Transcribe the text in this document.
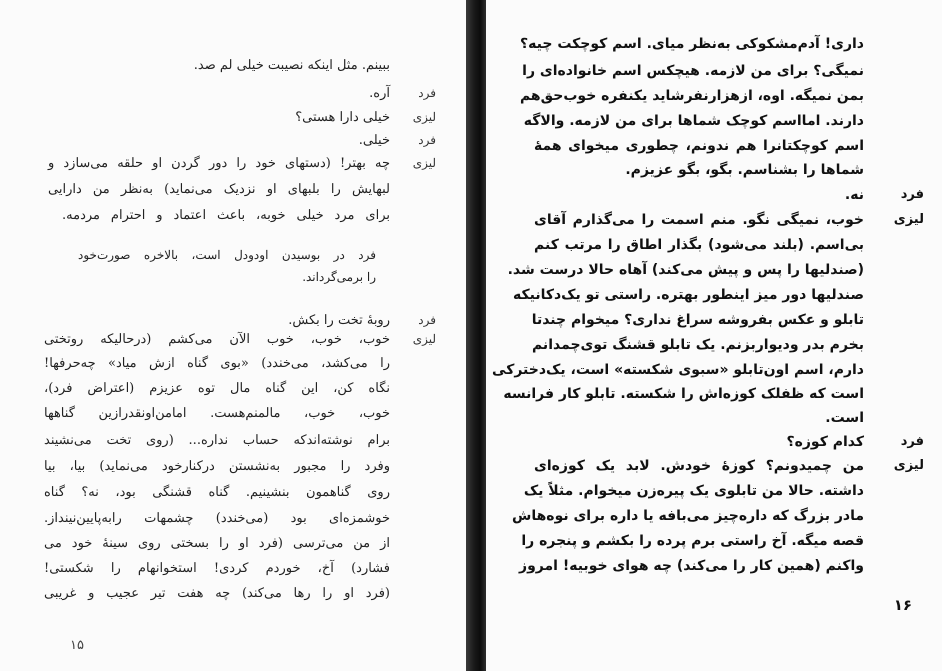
ببینم. مثل اینکه نصیبت خیلی لم صد.
فرد
آره.
لیزی
خیلی دارا هستی؟
فرد
خیلی.
لیزی
چه بهتر! (دستهای خود را دور گردن او حلقه می‌سازد و
لبهایش را بلبهای او نزدیک می‌نماید) به‌نظر من دارایی
برای مرد خیلی خوبه، باعث اعتماد و احترام مردمه.
فرد در بوسیدن اودودل است، بالاخره صورت‌خود
را برمی‌گرداند.
فرد
روبهٔ تخت را بکش.
لیزی
خوب، خوب، خوب الآن می‌کشم (درحالیکه روتختی
را می‌کشد، می‌خندد) «بوی گناه ازش میاد» چه‌حرفها!
نگاه کن، این گناه مال توه عزیزم (اعتراض فرد)،
خوب، خوب، مالمنم‌هست. امامن‌اونقدرازین گناهها
برام نوشته‌اندکه حساب نداره... (روی تخت می‌نشیند
وفرد را مجبور به‌نشستن درکنارخود می‌نماید) بیا، بیا
روی گناهمون بنشینیم. گناه قشنگی بود، نه؟ گناه
خوشمزه‌ای بود (می‌خندد) چشمهات رابه‌پایین‌نینداز.
از من می‌ترسی (فرد او را بسختی روی سینهٔ خود می‌
فشارد) آخ، خوردم کردی! استخوانهام را شکستی!
(فرد او را رها می‌کند) چه هفت تیر عجیب و غریبی
۱۵
داری! آدم‌مشکوکی به‌نظر میای. اسم کوچکت چیه؟
نمیگی؟ برای من لازمه. هیچکس اسم خانواده‌ای را
بمن نمیگه. اوه، ازهزارنفرشاید یکنفره خوب‌حق‌هم
دارند. امااسم کوچک شماها برای من لازمه. والاگه
اسم کوچکتانرا هم ندونم، چطوری میخوای همهٔ
شماها را بشناسم. بگو، بگو عزیزم.
فرد
نه.
لیزی
خوب، نمیگی نگو. منم اسمت را می‌گذارم آقای
بی‌اسم. (بلند می‌شود) بگذار اطاق را مرتب کنم
(صندلیها را پس و پیش می‌کند) آهاه حالا درست شد.
صندلیها دور میز اینطور بهتره. راستی تو یک‌دکانیکه
تابلو و عکس بفروشه سراغ نداری؟ میخوام چندتا
بخرم بدر ودیوار‌بزنم. یک تابلو قشنگ توی‌چمدانم
دارم، اسم اون‌تابلو «سبوی شکسته» است، یک‌دخترکی
است که ظفلک کوزه‌اش را شکسته. تابلو کار فرانسه
است.
فرد
کدام کوزه؟
لیزی
من چمیدونم؟ کوزهٔ خودش. لابد یک کوزه‌ای
داشته. حالا من تابلوی یک پیره‌زن میخوام. مثلاً یک
مادر بزرگ که داره‌چیز می‌بافه یا داره برای نوه‌هاش
قصه میگه. آخ راستی برم پرده را بکشم و پنجره را
واکنم (همین کار را می‌کند) چه هوای خوبیه! امروز
۱۶
